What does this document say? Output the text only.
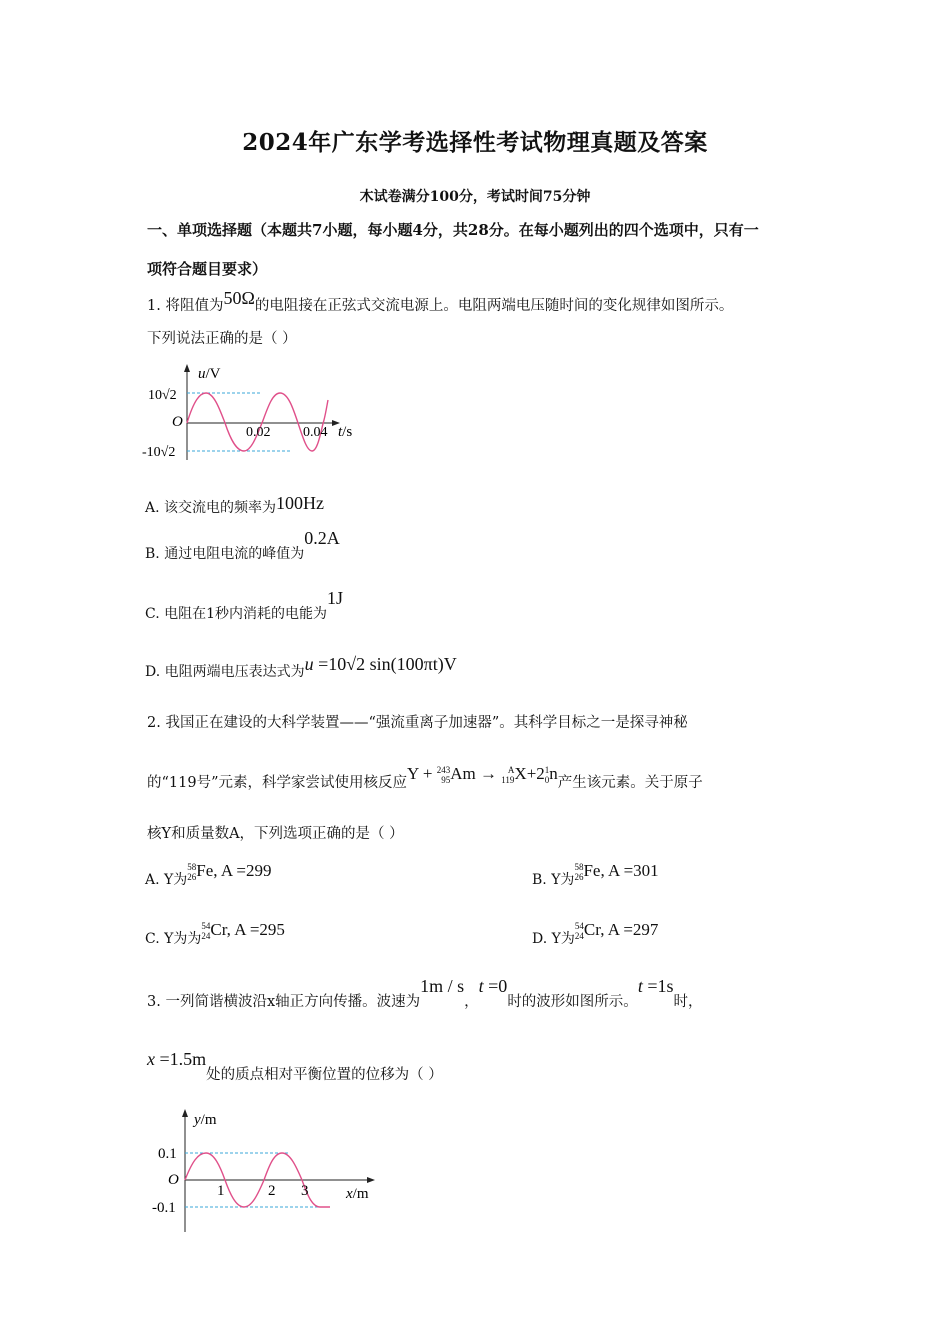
2024年广东学考选择性考试物理真题及答案
木试卷满分100分，考试时间75分钟
一、单项选择题（本题共7小题，每小题4分，共28分。在每小题列出的四个选项中，只有一
项符合题目要求）
1. 将阻值为50Ω的电阻接在正弦式交流电源上。电阻两端电压随时间的变化规律如图所示。
下列说法正确的是（ ）
u/V
10√2
-10√2
O
0.02 0.04 t/s
A. 该交流电的频率为100Hz
B. 通过电阻电流的峰值为0.2A
C. 电阻在1秒内消耗的电能为1J
D. 电阻两端电压表达式为u =10√2 sin(100πt)V
2. 我国正在建设的大科学装置——“强流重离子加速器”。其科学目标之一是探寻神秘
的“119号”元素，科学家尝试使用核反应Y + 243
95 Am →	A
119 X+2 1
0 n产生该元素。关于原子
核Y和质量数A，下列选项正确的是（ ）
A. Y为
58
26 Fe, A =299	B. Y为
58
26 Fe, A =301
C. Y为为
54
24 Cr, A =295	D. Y为
54
24 Cr, A =297
3. 一列简谐横波沿x轴正方向传播。波速为1m / s，t =0时的波形如图所示。t =1s时，
x =1.5m处的质点相对平衡位置的位移为（ ）
y/m
0.1
-0.1
O
1	2 3	x/m
